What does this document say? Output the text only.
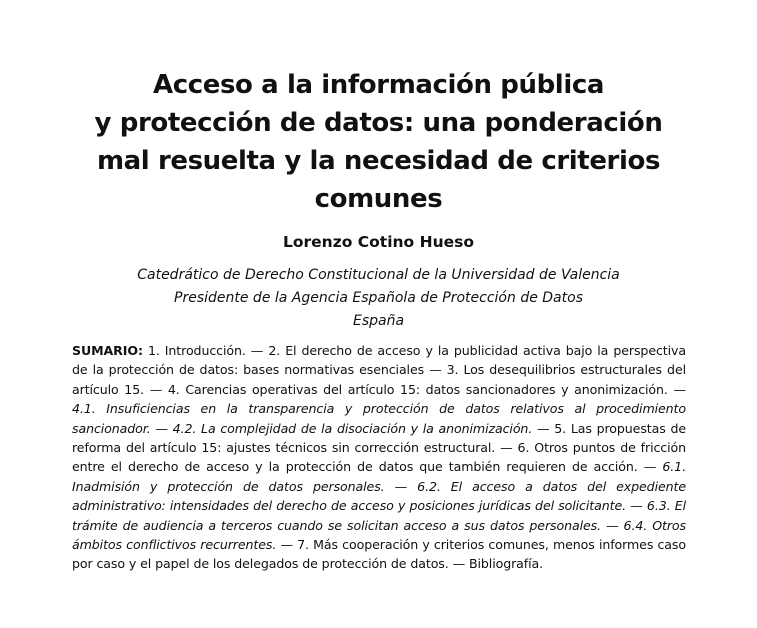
Acceso a la información pública
y protección de datos: una ponderación
mal resuelta y la necesidad de criterios
comunes

Lorenzo Cotino Hueso

Catedrático de Derecho Constitucional de la Universidad de Valencia
Presidente de la Agencia Española de Protección de Datos
España

SUMARIO: 1. Introducción. — 2. El derecho de acceso y la publicidad activa bajo la perspectiva de la protección de datos: bases normativas esenciales — 3. Los desequilibrios estructurales del artículo 15. — 4. Carencias operativas del artículo 15: datos sancionadores y anonimización. — 4.1. Insuficiencias en la transparencia y protección de datos relativos al procedimiento sancionador. — 4.2. La complejidad de la disociación y la anonimización. — 5. Las propuestas de reforma del artículo 15: ajustes técnicos sin corrección estructural. — 6. Otros puntos de fricción entre el derecho de acceso y la protección de datos que también requieren de acción. — 6.1. Inadmisión y protección de datos personales. — 6.2. El acceso a datos del expediente administrativo: intensidades del derecho de acceso y posiciones jurídicas del solicitante. — 6.3. El trámite de audiencia a terceros cuando se solicitan acceso a sus datos personales. — 6.4. Otros ámbitos conflictivos recurrentes. — 7. Más cooperación y criterios comunes, menos informes caso por caso y el papel de los delegados de protección de datos. — Bibliografía.
